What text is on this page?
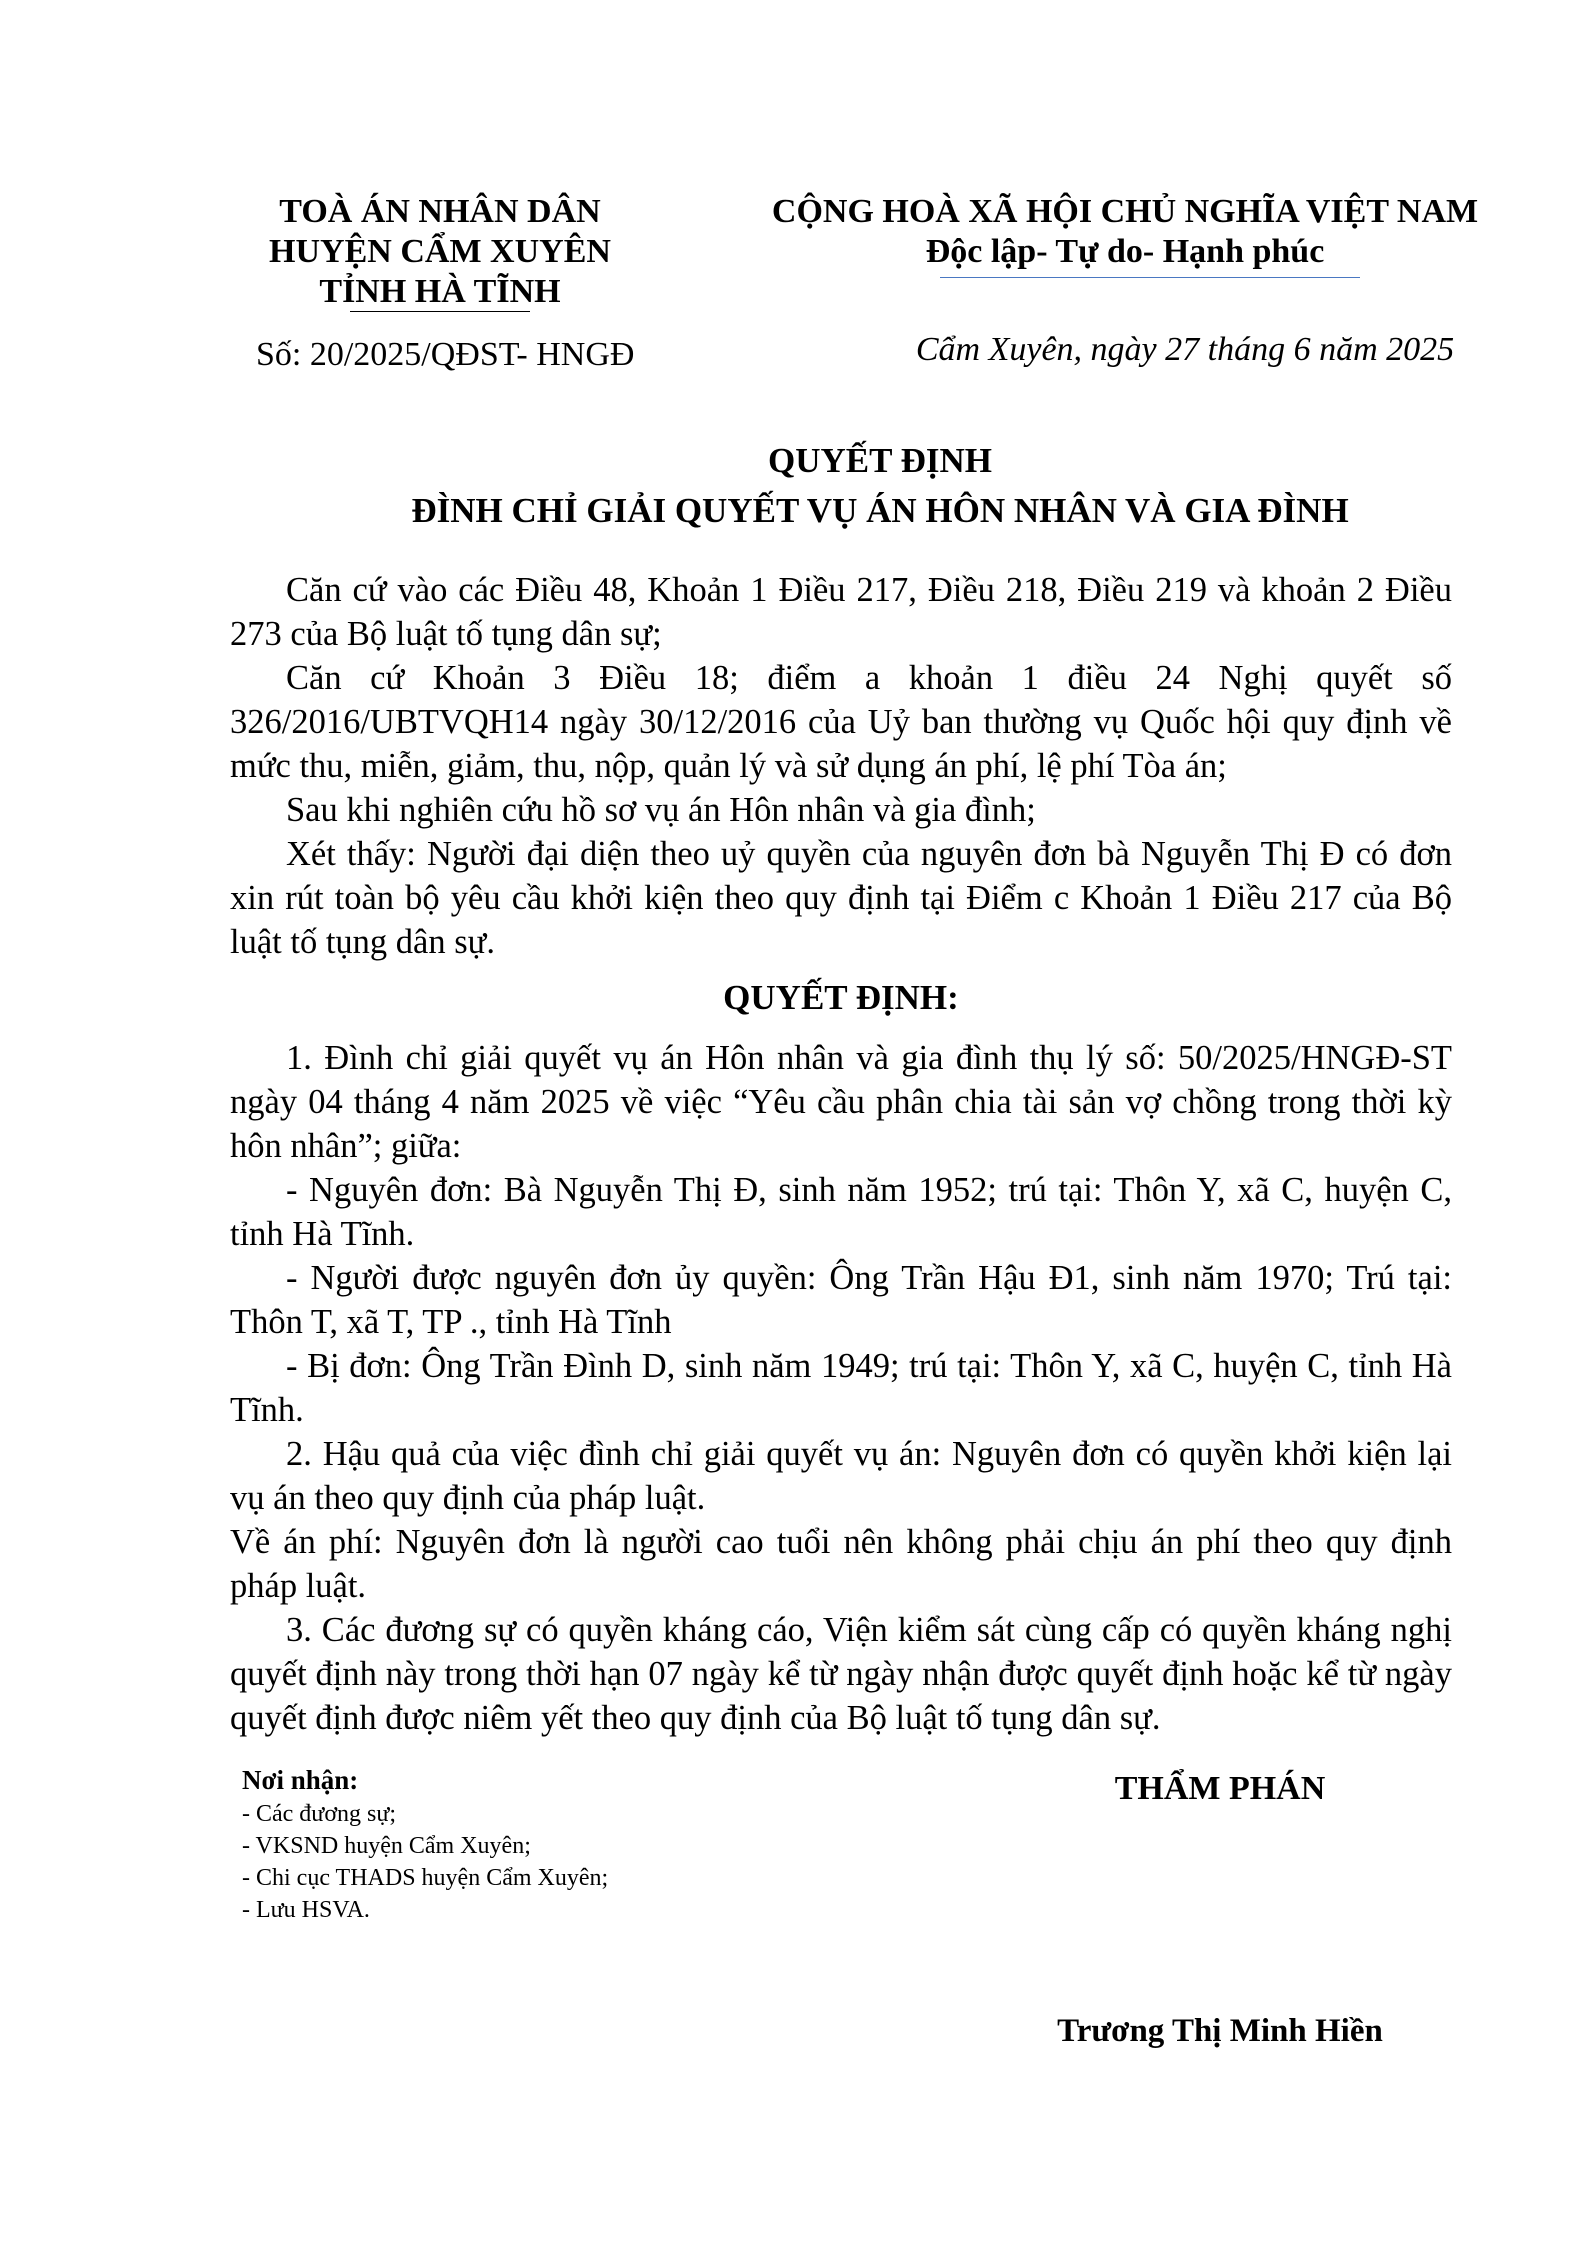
TOÀ ÁN NHÂN DÂN
HUYỆN CẨM XUYÊN
TỈNH HÀ TĨNH
Số: 20/2025/QĐST- HNGĐ
CỘNG HOÀ XÃ HỘI CHỦ NGHĨA VIỆT NAM
Độc lập- Tự do- Hạnh phúc
Cẩm Xuyên, ngày 27 tháng 6 năm 2025
QUYẾT ĐỊNH
ĐÌNH CHỈ GIẢI QUYẾT VỤ ÁN HÔN NHÂN VÀ GIA ĐÌNH
Căn cứ vào các Điều 48, Khoản 1 Điều 217, Điều 218, Điều 219 và khoản 2 Điều 273 của Bộ luật tố tụng dân sự;
Căn cứ Khoản 3 Điều 18; điểm a khoản 1 điều 24 Nghị quyết số 326/2016/UBTVQH14 ngày 30/12/2016 của Uỷ ban thường vụ Quốc hội quy định về mức thu, miễn, giảm, thu, nộp, quản lý và sử dụng án phí, lệ phí Tòa án;
Sau khi nghiên cứu hồ sơ vụ án Hôn nhân và gia đình;
Xét thấy: Người đại diện theo uỷ quyền của nguyên đơn bà Nguyễn Thị Đ có đơn xin rút toàn bộ yêu cầu khởi kiện theo quy định tại Điểm c Khoản 1 Điều 217 của Bộ luật tố tụng dân sự.
QUYẾT ĐỊNH:
1. Đình chỉ giải quyết vụ án Hôn nhân và gia đình thụ lý số: 50/2025/HNGĐ-ST ngày 04 tháng 4 năm 2025 về việc “Yêu cầu phân chia tài sản vợ chồng trong thời kỳ hôn nhân”; giữa:
- Nguyên đơn: Bà Nguyễn Thị Đ, sinh năm 1952; trú tại: Thôn Y, xã C, huyện C, tỉnh Hà Tĩnh.
- Người được nguyên đơn ủy quyền: Ông Trần Hậu Đ1, sinh năm 1970; Trú tại: Thôn T, xã T, TP ., tỉnh Hà Tĩnh
- Bị đơn: Ông Trần Đình D, sinh năm 1949; trú tại: Thôn Y, xã C, huyện C, tỉnh Hà Tĩnh.
2. Hậu quả của việc đình chỉ giải quyết vụ án: Nguyên đơn có quyền khởi kiện lại vụ án theo quy định của pháp luật.
Về án phí: Nguyên đơn là người cao tuổi nên không phải chịu án phí theo quy định pháp luật.
3. Các đương sự có quyền kháng cáo, Viện kiểm sát cùng cấp có quyền kháng nghị quyết định này trong thời hạn 07 ngày kể từ ngày nhận được quyết định hoặc kể từ ngày quyết định được niêm yết theo quy định của Bộ luật tố tụng dân sự.
Nơi nhận:
- Các đương sự;
- VKSND huyện Cẩm Xuyên;
- Chi cục THADS huyện Cẩm Xuyên;
- Lưu HSVA.
THẨM PHÁN
Trương Thị Minh Hiền
